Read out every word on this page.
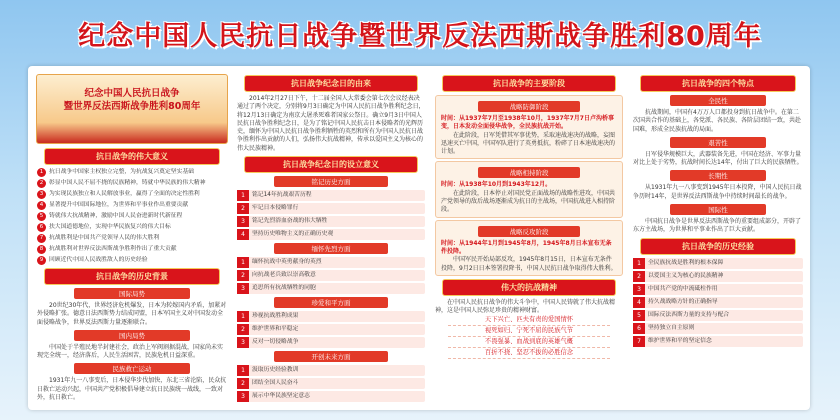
纪念中国人民抗日战争暨世界反法西斯战争胜利80周年
纪念中国人民抗日战争
暨世界反法西斯战争胜利80周年
抗日战争的伟大意义
1 抗日战争中国家主权独立完整，为抗战复兴奠定坚实基础
2 彰显中国人民不屈不挠的民族精神，铸就中华民族的伟大精神
3 为实现民族独立和人民解放事业，赢得了全面的决定性胜利
4 显著提升中国国际地位，为世界和平事业作出重要贡献
5 铸就伟大抗战精神，激励中国人民奋进新时代新征程
6 扶大国道德地位，实现中华民族复兴的伟大目标
7 抗战胜利是中国共产党领导人民的伟大胜利
8 抗战胜利对世界反法西斯战争胜利作出了重大贡献
9 回顾近代中国人民战胜敌人的历史经验
抗日战争的历史背景
国际局势
20世纪30年代，世界经济危机爆发，日本为转嫁国内矛盾，加紧对外侵略扩张。德意日法西斯势力结成同盟，日本军国主义对中国发动全面侵略战争，世界反法西斯力量逐渐联合。
国内局势
中国处于半殖民地半封建社会，政治上军阀割据混战，国家尚未实现完全统一，经济落后，人民生活困苦，民族危机日益深重。
民族救亡运动
1931年九一八事变后，日本侵华步伐加快，东北三省沦陷，民众抗日救亡运动兴起，中国共产党积极倡导建立抗日民族统一战线，一致对外，抗日救亡。
抗日战争纪念日的由来
2014年2月27日下午，十二届全国人大常委会第七次会议经表决通过了两个决定，分别将9月3日确定为中国人民抗日战争胜利纪念日，将12月13日确定为南京大屠杀死难者国家公祭日。确立9月3日中国人民抗日战争胜利纪念日，是为了铭记中国人民抗击日本侵略者的光辉历史，缅怀为中国人民抗日战争胜利牺牲的英烈和所有为中国人民抗日战争胜利作出贡献的人们，弘扬伟大抗战精神，传承以爱国主义为核心的伟大民族精神。
抗日战争纪念日的设立意义
铭记历史方面
1	铭记14年抗战艰苦历程
2	牢记日本侵略罪行
3	铭记先烈浴血奋战的伟大牺牲
4	坚持历史唯物主义的正确历史观
缅怀先烈方面
1	缅怀抗战中英勇献身的英烈
2	向抗战老兵致以崇高敬意
3	追思所有抗战牺牲的同胞
珍爱和平方面
1	珍视抗战胜利成果
2	维护世界和平稳定
3	反对一切侵略战争
开创未来方面
1	汲取历史经验教训
2	团结全国人民奋斗
3	展示中华民族坚定意志
抗日战争的主要阶段
战略防御阶段
时间：从1937年7月至1938年10月，1937年7月7日卢沟桥事变，日本发动全面侵华战争，全民族抗战开始。
在此阶段，日军凭借其军事优势，采取速战速决的战略，妄图迅速灭亡中国，中国军队进行了英勇抵抗，粉碎了日本速战速决的计划。
战略相持阶段
时间：从1938年10月到1943年12月。
在此阶段，日本停止对国民党正面战场的战略性进攻，中国共产党领导的敌后战场逐渐成为抗日的主战场，中国抗战进入相持阶段。
战略反攻阶段
时间：从1944年1月到1945年8月，1945年8月日本宣布无条件投降。
中国军民开始局部反攻，1945年8月15日，日本宣布无条件投降，9月2日日本签署投降书，中国人民抗日战争取得伟大胜利。
伟大的抗战精神
在中国人民抗日战争的伟大斗争中，中国人民铸就了伟大抗战精神，这是中国人民弥足珍贵的精神财富。
天下兴亡、匹夫有责的爱国情怀
视死如归、宁死不屈的民族气节
不畏强暴、血战到底的英雄气概
百折不挠、坚忍不拔的必胜信念
抗日战争的四个特点
全民性
抗战期间，中国有4万万人口都投身到抗日战争中。在第二次国共合作的基础上，各党派、各民族、各阶层团结一致，共赴国难，形成全民族抗战的局面。
艰苦性
日军侵华规模巨大，武器装备先进，中国在经济、军事力量对比上处于劣势，抗战时间长达14年，付出了巨大的民族牺牲。
长期性
从1931年九一八事变到1945年日本投降，中国人民抗日战争历时14年，是世界反法西斯战争中持续时间最长的战争。
国际性
中国抗日战争是世界反法西斯战争的重要组成部分，开辟了东方主战场，为世界和平事业作出了巨大贡献。
抗日战争的历史经验
1	全民族抗战是胜利的根本保障
2	以爱国主义为核心的民族精神
3	中国共产党的中流砥柱作用
4	持久战战略方针的正确指导
5	国际反法西斯力量的支持与配合
6	坚持独立自主原则
7	维护世界和平的坚定信念
